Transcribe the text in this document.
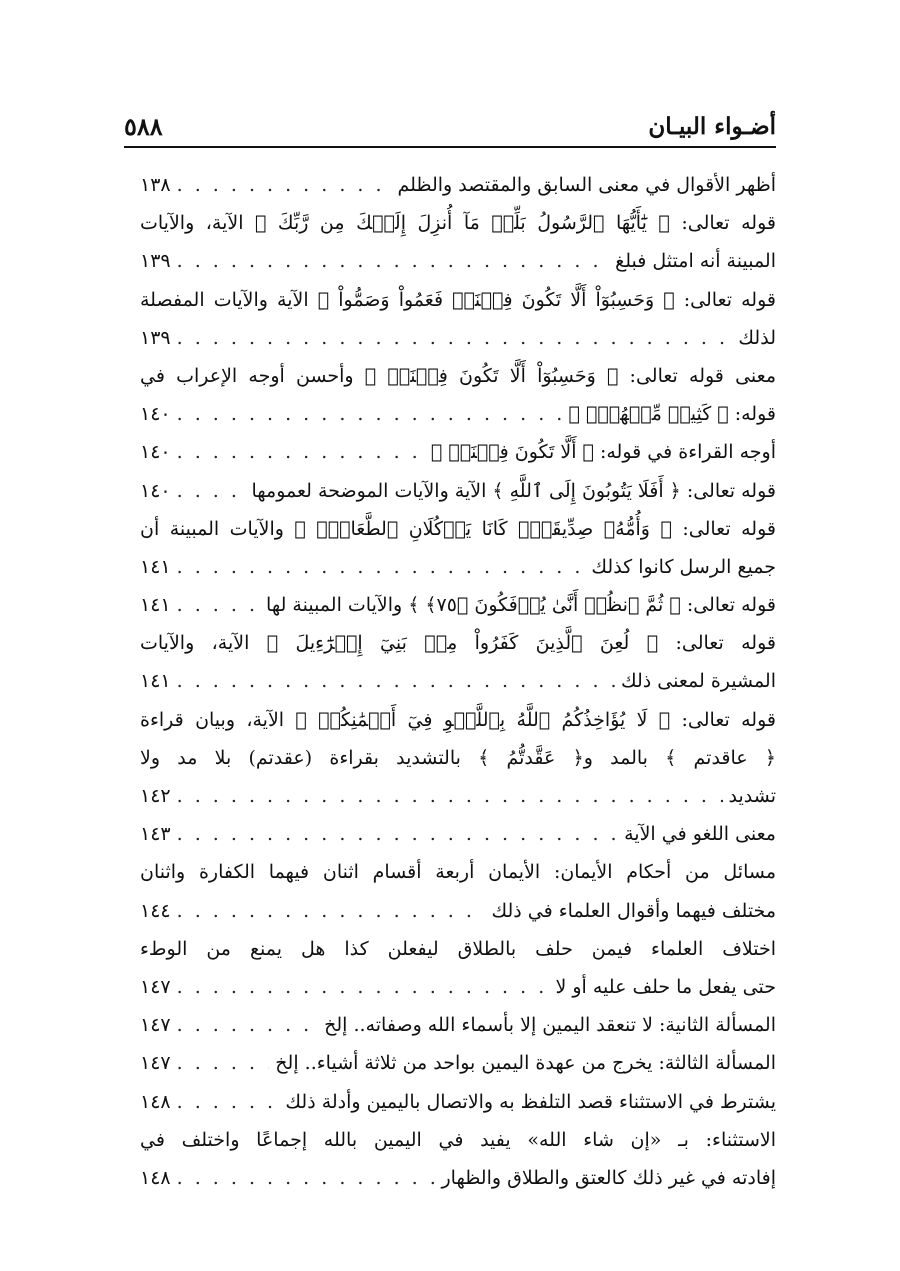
أضـواء البيـان
٥٨٨
أظهر الأقوال في معنى السابق والمقتصد والظلم
. . .
١٣٨
قوله تعالى: ﴿ يَٰٓأَيُّهَا ٱلرَّسُولُ بَلِّغۡ مَآ أُنزِلَ إِلَيۡكَ مِن رَّبِّكَ ﴾ الآية، والآيات
المبينة أنه امتثل فبلغ
. . .
١٣٩
قوله تعالى: ﴿ وَحَسِبُوٓاْ أَلَّا تَكُونَ فِتۡنَةٞ فَعَمُواْ وَصَمُّواْ ﴾ الآية والآيات المفصلة
لذلك
. . .
١٣٩
معنى قوله تعالى: ﴿ وَحَسِبُوٓاْ أَلَّا تَكُونَ فِتۡنَةٞ ﴾ وأحسن أوجه الإعراب في
قوله: ﴿ كَثِيرٞ مِّنۡهُمۡۚ ﴾
. . .
١٤٠
أوجه القراءة في قوله: ﴿ أَلَّا تَكُونَ فِتۡنَةٞ ﴾
. . .
١٤٠
قوله تعالى: ﴿ أَفَلَا يَتُوبُونَ إِلَى ٱللَّهِ ﴾ الآية والآيات الموضحة لعمومها
. . .
١٤٠
قوله تعالى: ﴿ وَأُمُّهُۥ صِدِّيقَةٞۖ كَانَا يَأۡكُلَانِ ٱلطَّعَامَۗ ﴾ والآيات المبينة أن
جميع الرسل كانوا كذلك
. . .
١٤١
قوله تعالى: ﴿ ثُمَّ ٱنظُرۡ أَنَّىٰ يُؤۡفَكُونَ ﴿٧٥﴾ ﴾ والآيات المبينة لها
. . .
١٤١
قوله تعالى: ﴿ لُعِنَ ٱلَّذِينَ كَفَرُواْ مِنۢ بَنِيٓ إِسۡرَٰٓءِيلَ ﴾ الآية، والآيات
المشيرة لمعنى ذلك
. . .
١٤١
قوله تعالى: ﴿ لَا يُؤَاخِذُكُمُ ٱللَّهُ بِٱللَّغۡوِ فِيٓ أَيۡمَٰنِكُمۡ ﴾ الآية، وبيان قراءة
﴿ عاقدتم ﴾ بالمد و﴿ عَقَّدتُّمُ ﴾ بالتشديد بقراءة (عقدتم) بلا مد ولا
تشديد
. . .
١٤٢
معنى اللغو في الآية
. . .
١٤٣
مسائل من أحكام الأيمان: الأيمان أربعة أقسام اثنان فيهما الكفارة واثنان
مختلف فيهما وأقوال العلماء في ذلك
. . .
١٤٤
اختلاف العلماء فيمن حلف بالطلاق ليفعلن كذا هل يمنع من الوطء
حتى يفعل ما حلف عليه أو لا
. . .
١٤٧
المسألة الثانية: لا تنعقد اليمين إلا بأسماء الله وصفاته.. إلخ
. . .
١٤٧
المسألة الثالثة: يخرج من عهدة اليمين بواحد من ثلاثة أشياء.. إلخ
. . .
١٤٧
يشترط في الاستثناء قصد التلفظ به والاتصال باليمين وأدلة ذلك
. . .
١٤٨
الاستثناء: بـ «إن شاء الله» يفيد في اليمين بالله إجماعًا واختلف في
إفادته في غير ذلك كالعتق والطلاق والظهار
. . .
١٤٨
